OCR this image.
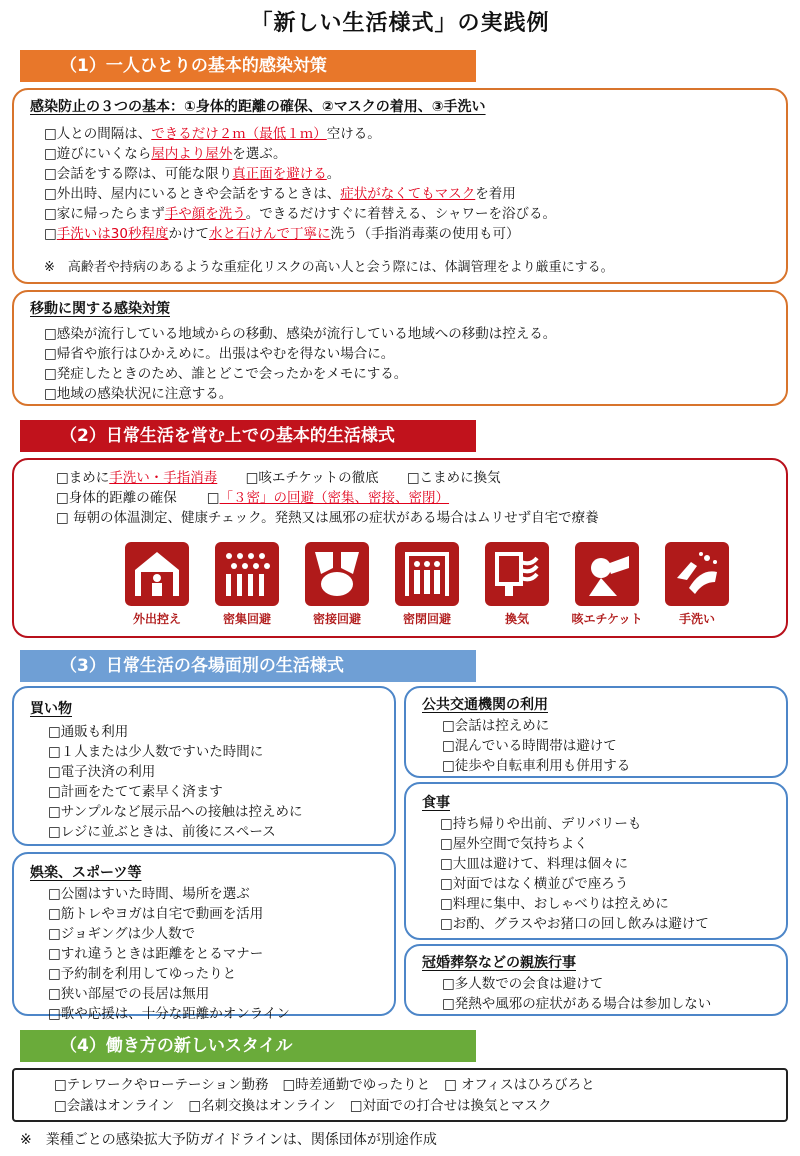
「新しい生活様式」の実践例
（1）一人ひとりの基本的感染対策
感染防止の３つの基本：①身体的距離の確保、②マスクの着用、③手洗い
□人との間隔は、できるだけ２ｍ（最低１ｍ）空ける。
□遊びにいくなら屋内より屋外を選ぶ。
□会話をする際は、可能な限り真正面を避ける。
□外出時、屋内にいるときや会話をするときは、症状がなくてもマスクを着用
□家に帰ったらまず手や顔を洗う。できるだけすぐに着替える、シャワーを浴びる。
□手洗いは30秒程度かけて水と石けんで丁寧に洗う（手指消毒薬の使用も可）
※　高齢者や持病のあるような重症化リスクの高い人と会う際には、体調管理をより厳重にする。
移動に関する感染対策
□感染が流行している地域からの移動、感染が流行している地域への移動は控える。
□帰省や旅行はひかえめに。出張はやむを得ない場合に。
□発症したときのため、誰とどこで会ったかをメモにする。
□地域の感染状況に注意する。
（2）日常生活を営む上での基本的生活様式
□まめに手洗い・手指消毒 □咳エチケットの徹底 □こまめに換気
□身体的距離の確保 □「３密」の回避（密集、密接、密閉）
□ 毎朝の体温測定、健康チェック。発熱又は風邪の症状がある場合はムリせず自宅で療養
外出控え	密集回避	密接回避	密閉回避	換気	咳エチケット	手洗い
（3）日常生活の各場面別の生活様式
買い物
□通販も利用
□１人または少人数ですいた時間に
□電子決済の利用
□計画をたてて素早く済ます
□サンプルなど展示品への接触は控えめに
□レジに並ぶときは、前後にスペース
娯楽、スポーツ等
□公園はすいた時間、場所を選ぶ
□筋トレやヨガは自宅で動画を活用
□ジョギングは少人数で
□すれ違うときは距離をとるマナー
□予約制を利用してゆったりと
□狭い部屋での長居は無用
□歌や応援は、十分な距離かオンライン
公共交通機関の利用
□会話は控えめに
□混んでいる時間帯は避けて
□徒歩や自転車利用も併用する
食事
□持ち帰りや出前、デリバリーも
□屋外空間で気持ちよく
□大皿は避けて、料理は個々に
□対面ではなく横並びで座ろう
□料理に集中、おしゃべりは控えめに
□お酌、グラスやお猪口の回し飲みは避けて
冠婚葬祭などの親族行事
□多人数での会食は避けて
□発熱や風邪の症状がある場合は参加しない
（4）働き方の新しいスタイル
□テレワークやローテーション勤務 □時差通勤でゆったりと □ オフィスはひろびろと
□会議はオンライン □名刺交換はオンライン □対面での打合せは換気とマスク
※　業種ごとの感染拡大予防ガイドラインは、関係団体が別途作成
